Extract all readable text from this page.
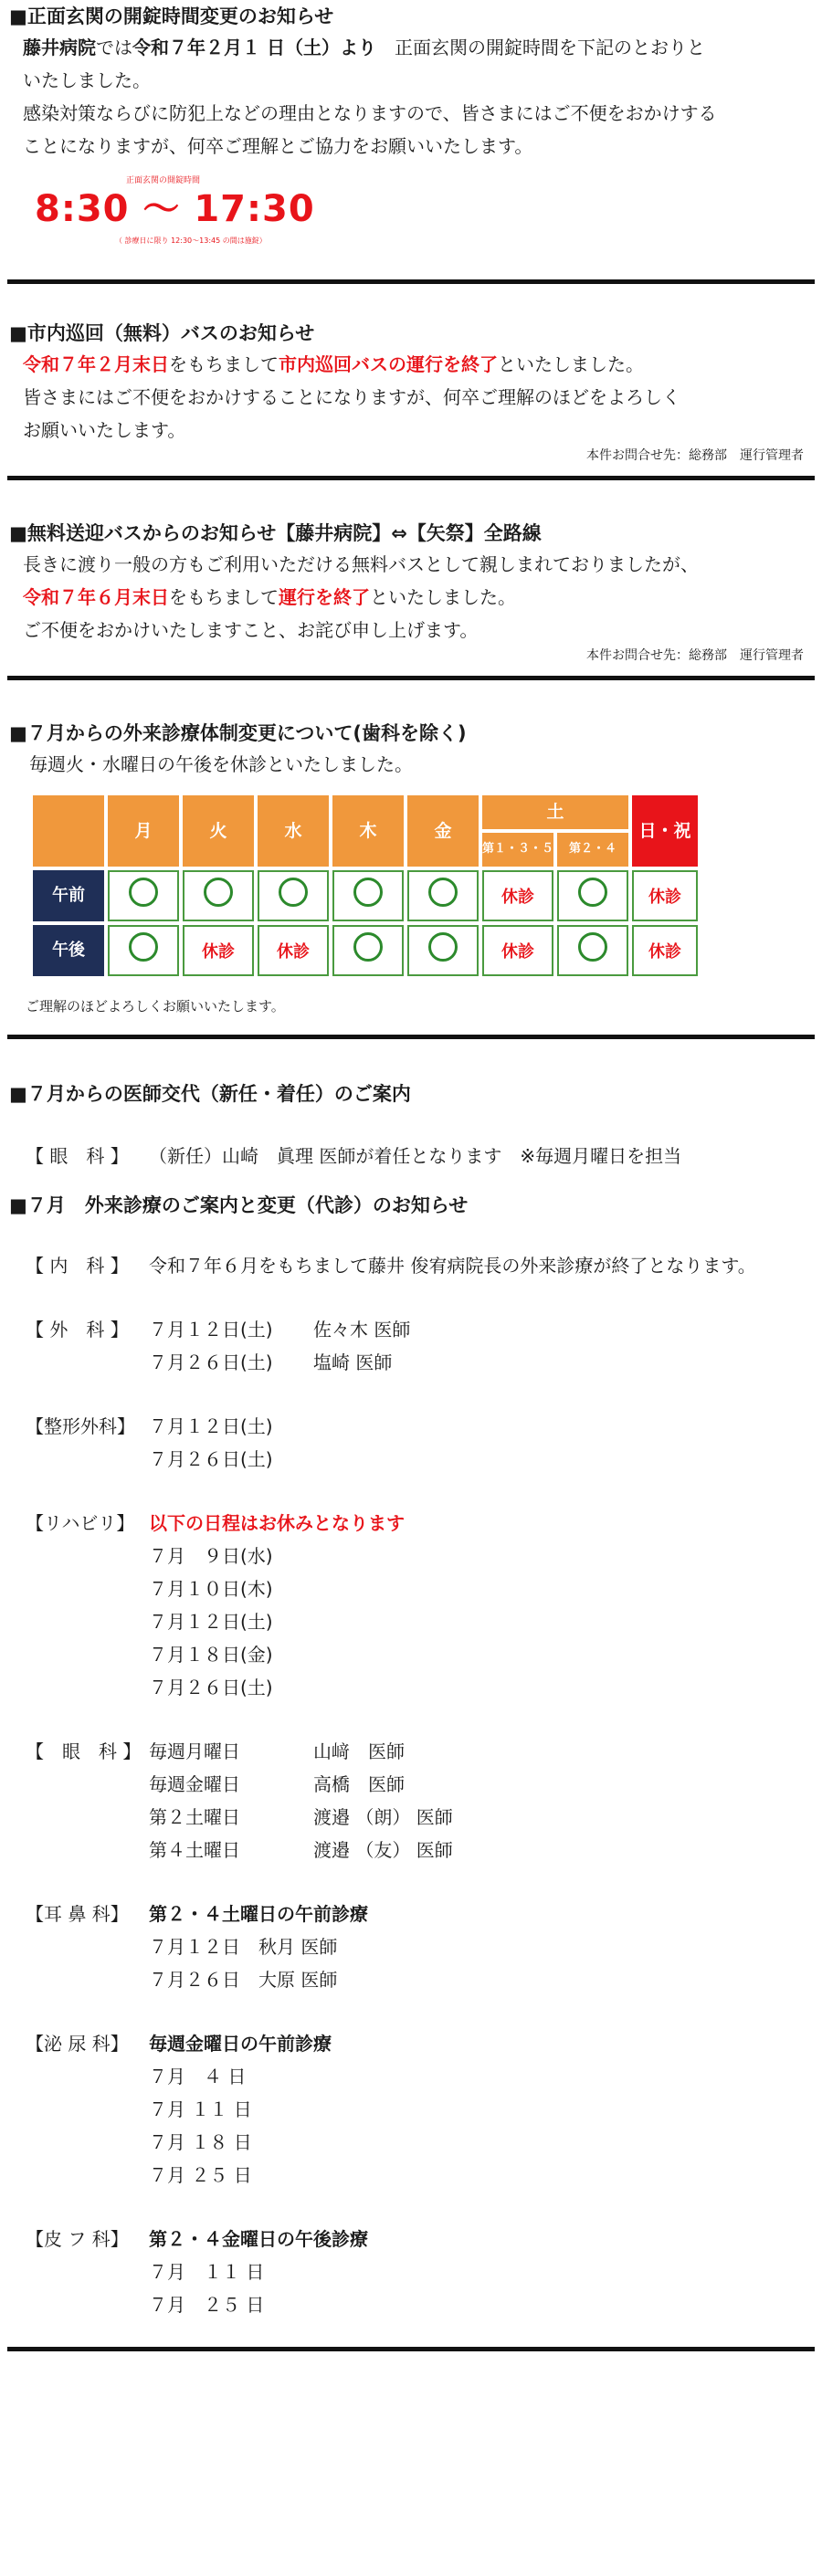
■正面玄関の開錠時間変更のお知らせ
藤井病院では令和７年２月１ 日（土）より　正面玄関の開錠時間を下記のとおりと
いたしました。
感染対策ならびに防犯上などの理由となりますので、皆さまにはご不便をおかけする
ことになりますが、何卒ご理解とご協力をお願いいたします。
正面玄関の開錠時間
8:30 ～ 17:30
（ 診療日に限り 12:30～13:45 の間は施錠）
■市内巡回（無料）バスのお知らせ
令和７年２月末日をもちまして市内巡回バスの運行を終了といたしました。
皆さまにはご不便をおかけすることになりますが、何卒ご理解のほどをよろしく
お願いいたします。
本件お問合せ先：総務部　運行管理者
■無料送迎バスからのお知らせ【藤井病院】⇔【矢祭】全路線
長きに渡り一般の方もご利用いただける無料バスとして親しまれておりましたが、
令和７年６月末日をもちまして運行を終了といたしました。
ご不便をおかけいたしますこと、お詫び申し上げます。
本件お問合せ先：総務部　運行管理者
■７月からの外来診療体制変更について(歯科を除く)
毎週火・水曜日の午後を休診といたしました。
	月	火	水	木	金	土		日・祝
						第１・３・５	第２・４	
午前						休診		休診
午後		休診	休診			休診		休診
ご理解のほどよろしくお願いいたします。
■７月からの医師交代（新任・着任）のご案内
【 眼　科 】	（新任）山崎　眞理 医師が着任となります　※毎週月曜日を担当
■７月　外来診療のご案内と変更（代診）のお知らせ
【 内　科 】	令和７年６月をもちまして藤井 俊宥病院長の外来診療が終了となります。
【 外　科 】	７月１２日(土) 佐々木 医師
７月２６日(土) 塩崎 医師
【整形外科】 ７月１２日(土)
７月２６日(土)
【リハビリ】 以下の日程はお休みとなります
７月　９日(水)
７月１０日(木)
７月１２日(土)
７月１８日(金)
７月２６日(土)
【　眼　科 】 毎週月曜日	山﨑　医師
毎週金曜日	高橋　医師
第２土曜日	渡邉 （朗） 医師
第４土曜日	渡邉 （友） 医師
【耳 鼻 科】	第２・４土曜日の午前診療
７月１２日　秋月 医師
７月２６日　大原 医師
【泌 尿 科】	毎週金曜日の午前診療
７月　４ 日
７月 １１ 日
７月 １８ 日
７月 ２５ 日
【皮 フ 科】	第２・４金曜日の午後診療
７月　１１ 日
７月　２５ 日
